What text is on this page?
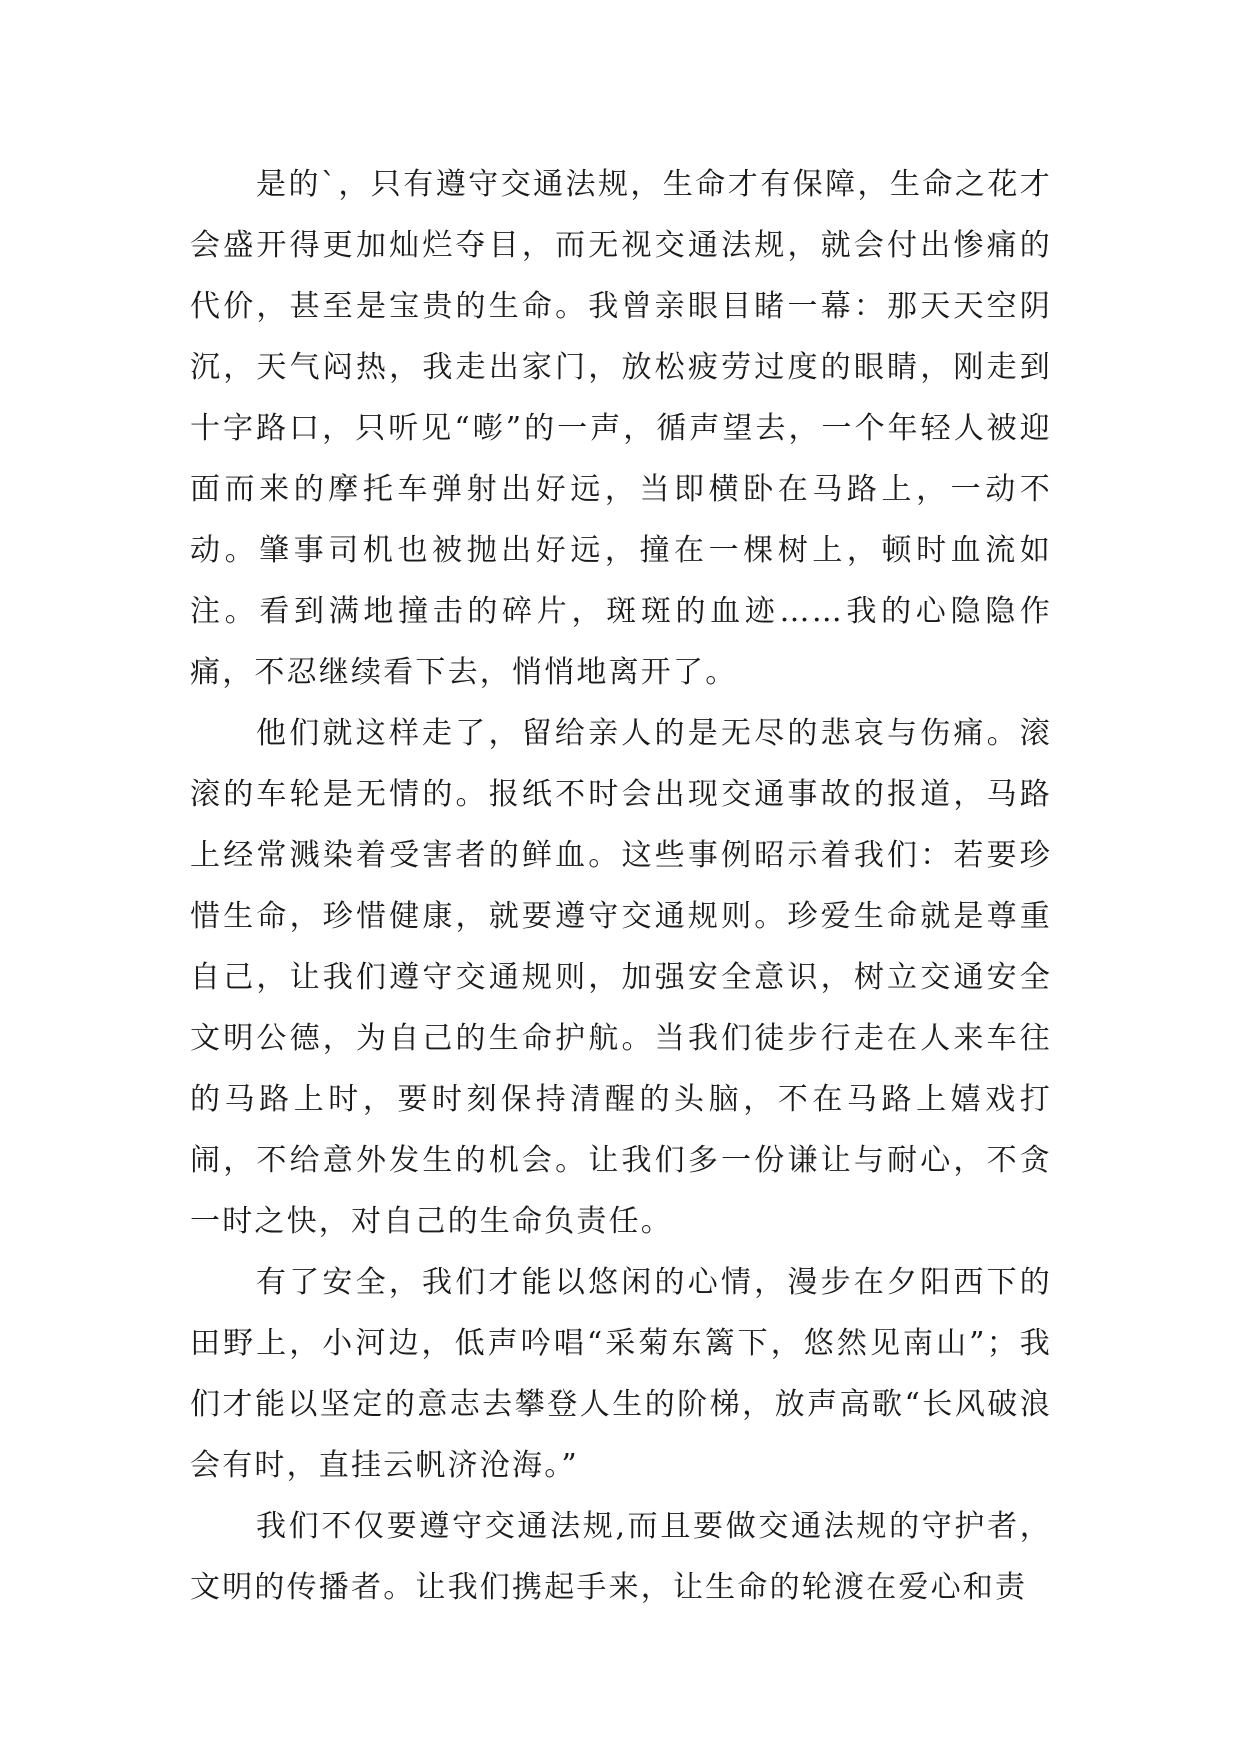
是的`，只有遵守交通法规，生命才有保障，生命之花才会盛开得更加灿烂夺目，而无视交通法规，就会付出惨痛的代价，甚至是宝贵的生命。我曾亲眼目睹一幕：那天天空阴沉，天气闷热，我走出家门，放松疲劳过度的眼睛，刚走到十字路口，只听见“嘭”的一声，循声望去，一个年轻人被迎面而来的摩托车弹射出好远，当即横卧在马路上，一动不动。肇事司机也被抛出好远，撞在一棵树上，顿时血流如注。看到满地撞击的碎片，斑斑的血迹……我的心隐隐作痛，不忍继续看下去，悄悄地离开了。

他们就这样走了，留给亲人的是无尽的悲哀与伤痛。滚滚的车轮是无情的。报纸不时会出现交通事故的报道，马路上经常溅染着受害者的鲜血。这些事例昭示着我们：若要珍惜生命，珍惜健康，就要遵守交通规则。珍爱生命就是尊重自己，让我们遵守交通规则，加强安全意识，树立交通安全文明公德，为自己的生命护航。当我们徒步行走在人来车往的马路上时，要时刻保持清醒的头脑，不在马路上嬉戏打闹，不给意外发生的机会。让我们多一份谦让与耐心，不贪一时之快，对自己的生命负责任。

有了安全，我们才能以悠闲的心情，漫步在夕阳西下的田野上，小河边，低声吟唱“采菊东篱下，悠然见南山”；我们才能以坚定的意志去攀登人生的阶梯，放声高歌“长风破浪会有时，直挂云帆济沧海。”

我们不仅要遵守交通法规,而且要做交通法规的守护者，文明的传播者。让我们携起手来，让生命的轮渡在爱心和责
